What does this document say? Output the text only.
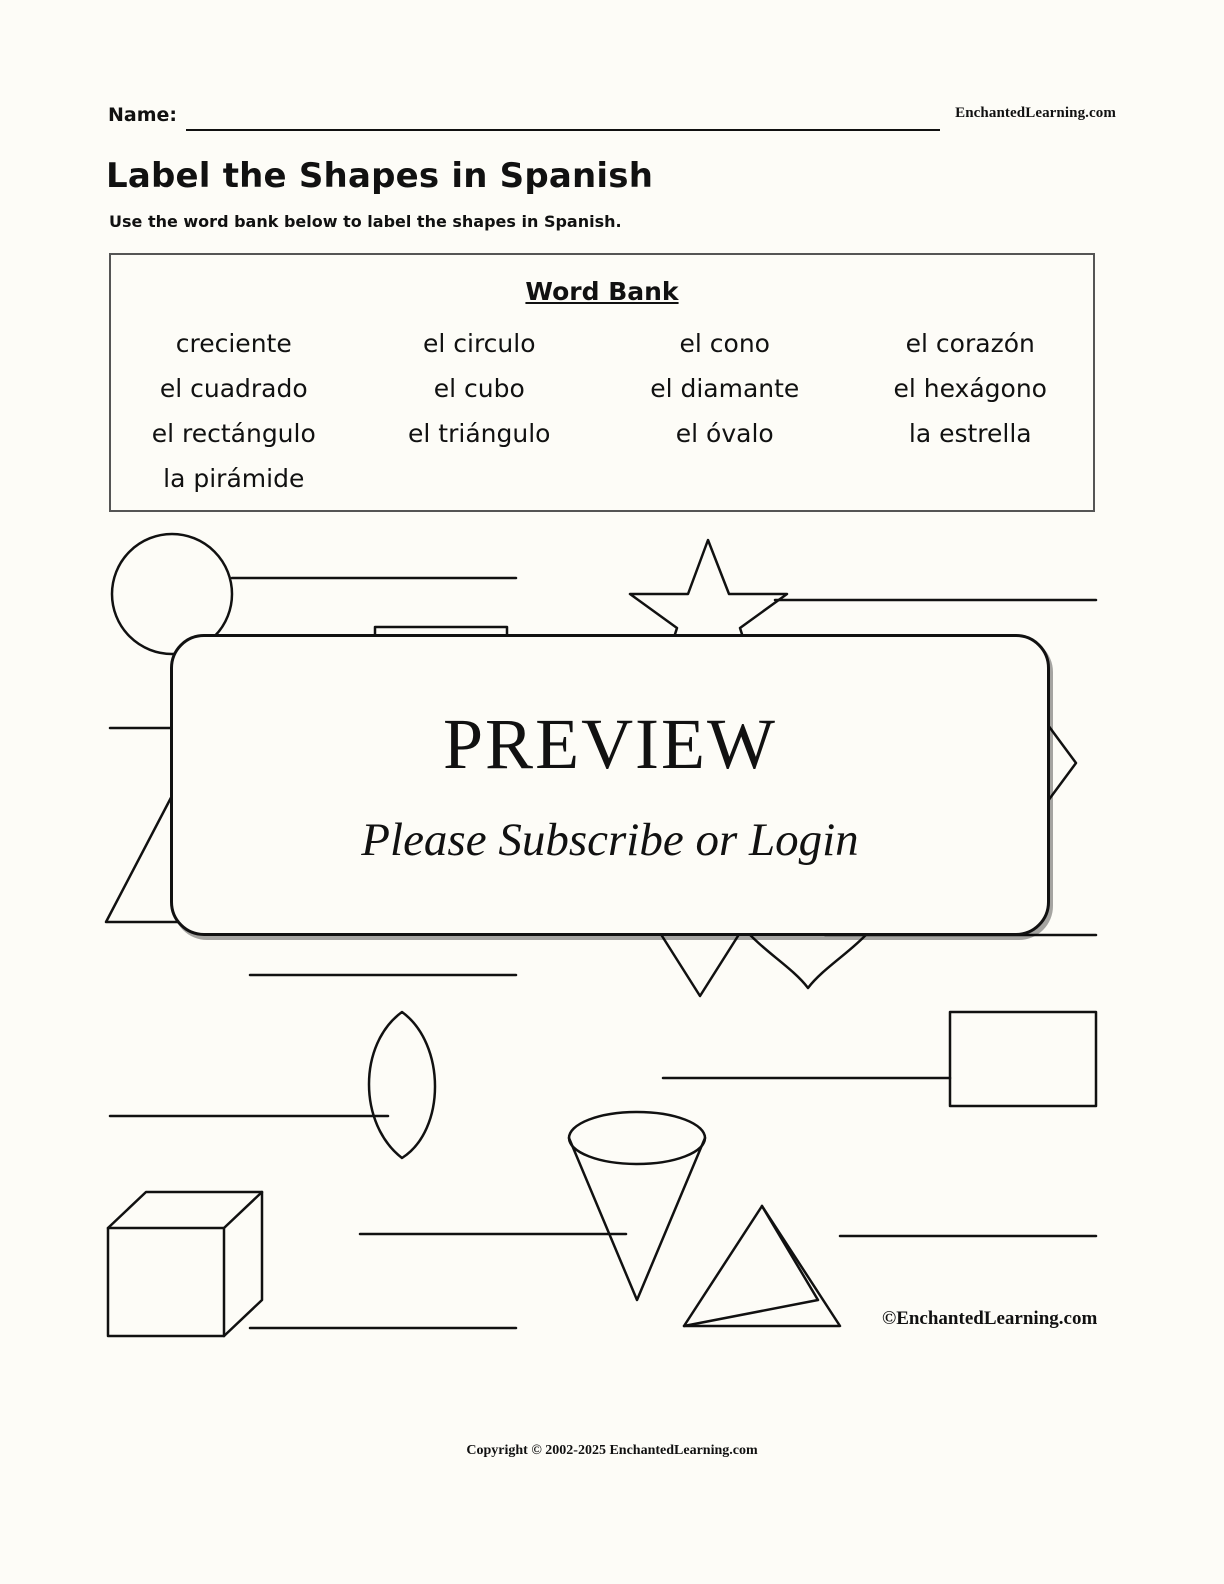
Name:	EnchantedLearning.com
Label the Shapes in Spanish
Use the word bank below to label the shapes in Spanish.
Word Bank
creciente	el circulo	el cono	el corazón
el cuadrado	el cubo	el diamante	el hexágono
el rectángulo	el triángulo	el óvalo	la estrella
la pirámide
PREVIEW
Please Subscribe or Login
©EnchantedLearning.com
Copyright © 2002-2025 EnchantedLearning.com
